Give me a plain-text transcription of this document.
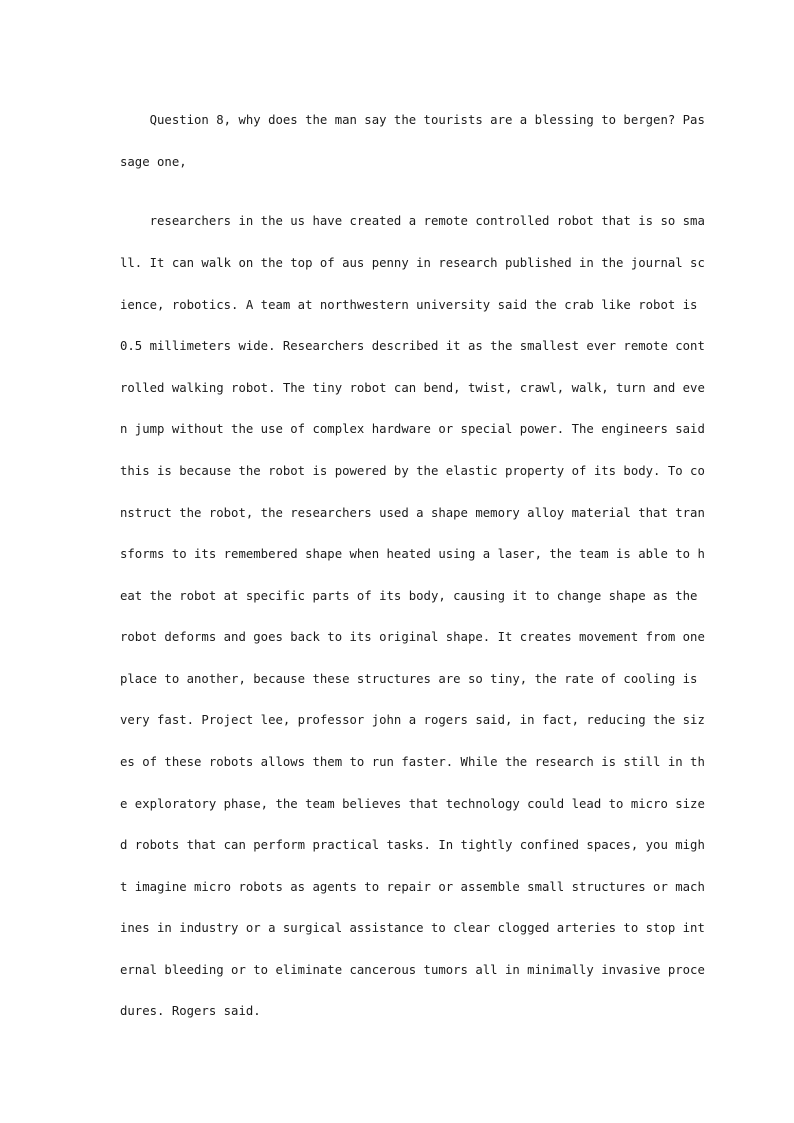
Question 8, why does the man say the tourists are a blessing to bergen? Pas

sage one,

researchers in the us have created a remote controlled robot that is so sma

ll. It can walk on the top of aus penny in research published in the journal sc

ience, robotics. A team at northwestern university said the crab like robot is

0.5 millimeters wide. Researchers described it as the smallest ever remote cont

rolled walking robot. The tiny robot can bend, twist, crawl, walk, turn and eve

n jump without the use of complex hardware or special power. The engineers said

this is because the robot is powered by the elastic property of its body. To co

nstruct the robot, the researchers used a shape memory alloy material that tran

sforms to its remembered shape when heated using a laser, the team is able to h

eat the robot at specific parts of its body, causing it to change shape as the

robot deforms and goes back to its original shape. It creates movement from one

place to another, because these structures are so tiny, the rate of cooling is

very fast. Project lee, professor john a rogers said, in fact, reducing the siz

es of these robots allows them to run faster. While the research is still in th

e exploratory phase, the team believes that technology could lead to micro size

d robots that can perform practical tasks. In tightly confined spaces, you migh

t imagine micro robots as agents to repair or assemble small structures or mach

ines in industry or a surgical assistance to clear clogged arteries to stop int

ernal bleeding or to eliminate cancerous tumors all in minimally invasive proce

dures. Rogers said.
